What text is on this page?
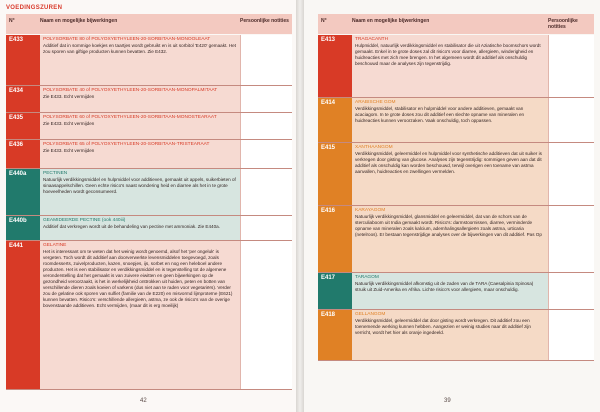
VOEDINGSZUREN
N°	Naam en mogelijke bijwerkingen	Persoonlijke notities
E433	POLYSORBATE 80 of POLYOXYETHYLEEN-20-SORBITAAN-MONOOLEAAT
Additief dat in sommige koekjes en taartjes wordt gebruikt en is uit sorbitol 'E420' gemaakt. Het zou sporen van giftige producten kunnen bevatten. Zie E432.
E434	POLYSORBATE 40 of POLYOXYETHYLEEN-20-SORBITAAN-MONOPALMITAAT
Zie E433. Echt vermijden
E435	POLYSORBATE 60 of POLYOXYETHYLEEN-20-SORBITAAN-MONOSTEARAAT
Zie E433. Echt vermijden
E436	POLYSORBATE 65 of POLYOXYETHYLEEN-20-SORBITAAN-TRISTEARAAT
Zie E433. Echt vermijden
E440a	PECTINEN
Natuurlijk verdikkingsmiddel en hulpmiddel voor additieven, gemaakt uit appels, suikerbieten of sinaasappelschillen. Geen echte risico's naast wondering heid en diarree als het in te grote hoeveelheden wordt geconsumeerd.
E440b	GEAMIDEERDE PECTINE (ook 440iii)
Additief dat verkregen wordt uit de behandeling van pectine met ammoniak. Zie E440a.
E441	GELATINE
Het is interessant om te weten dat het weinig wordt genoemd, alsof het 'per ongeluk' is vergeten. Toch wordt dit additief aan doorverwerkte levensmiddelen toegevoegd, zoals roomdesserts, zuivelproducten, kazen, snoepjes, ijs, sorbet en nog een heleboel andere producten. Het is een stabilisator en verdikkingsmiddel en is tegenstelling tot de algemene veronderstelling dat het gemaakt is van zuivere eiwitten en geen bijwerkingen op de gezondheid veroorzaakt, is het in werkelijkheid onttrokken uit huiden, peten en botten van verschillende dieren zoals koeien of varkens (dus niet aan te raden voor vegetariërs). Verder zou de gelatine ook sporen van sulfiet (familie van de E220) en misvormd lijmproteïne (E621) kunnen bevatten. Risico's: verschillende allergieën, astma, ze ook de risico's van de overige bovenstaande additieven. Echt vermijden, (maar dit is erg moeilijk)
42
N°	Naam en mogelijke bijwerkingen	Persoonlijke notities
E413	TRAGACANTH
Hulpmiddel, natuurlijk verdikkingsmiddel en stabilisator die uit Aziatische boomschors wordt gemaakt. Enkel in te grote doses zal dit risico's voor diarree, allergieën, winderigheid en huidreacties met zich mee brengen. In het algemeen wordt dit additief als onschuldig beschouwd maar de analyses zijn tegenstrijdig.
E414	ARABISCHE GOM
Verdikkingsmiddel, stabilisator en hulpmiddel voor andere additieven, gemaakt van acaciagom. In te grote doses zou dit additief een slechte opname van mineralen en huidreacties kunnen veroorzaken. Vaak onschuldig, toch oppassen.
E415	XANTHAANGOM
Verdikkingsmiddel, geleermiddel en hulpmiddel voor synthetische additieven dat uit suiker is verkregen door gisting van glucose. Analyses zijn tegenstrijdig: sommigen geven aan dat dit additief als onschuldig kan worden beschouwd, terwijl overigen een toename van astma aanvallen, huidreacties en zwellingen vermelden.
E416	KARAYAGOM
Natuurlijk verdikkingsmiddel, glansmiddel en geleermiddel, dat van de schors van de sterculiaboom uit India gemaakt wordt. Risico's: darmstoornissen, diarree, verminderde opname van mineralen zoals kalcium, ademhalingsallergieën zoals astma, urticaria (netelroos). Er bestaan tegenstrijdige analyses over de bijwerkingen van dit additief. Pas Op
E417	TARAGOM
Natuurlijk verdikkingsmiddel afkomstig uit de zaden van de TARA (Caesalpinia Spinosa) struik uit Zuid-Amerika en Afrika. Lichte risico's voor allergieën, maar onschuldig.
E418	GELLANGOM
Verdikkingsmiddel, geleermiddel dat door gisting wordt verkregen. Dit additief zou een toenemende werking kunnen hebben. Aangezien er weinig studies naar dit additief zijn verricht, wordt het hier als oranje ingedeeld.
39
